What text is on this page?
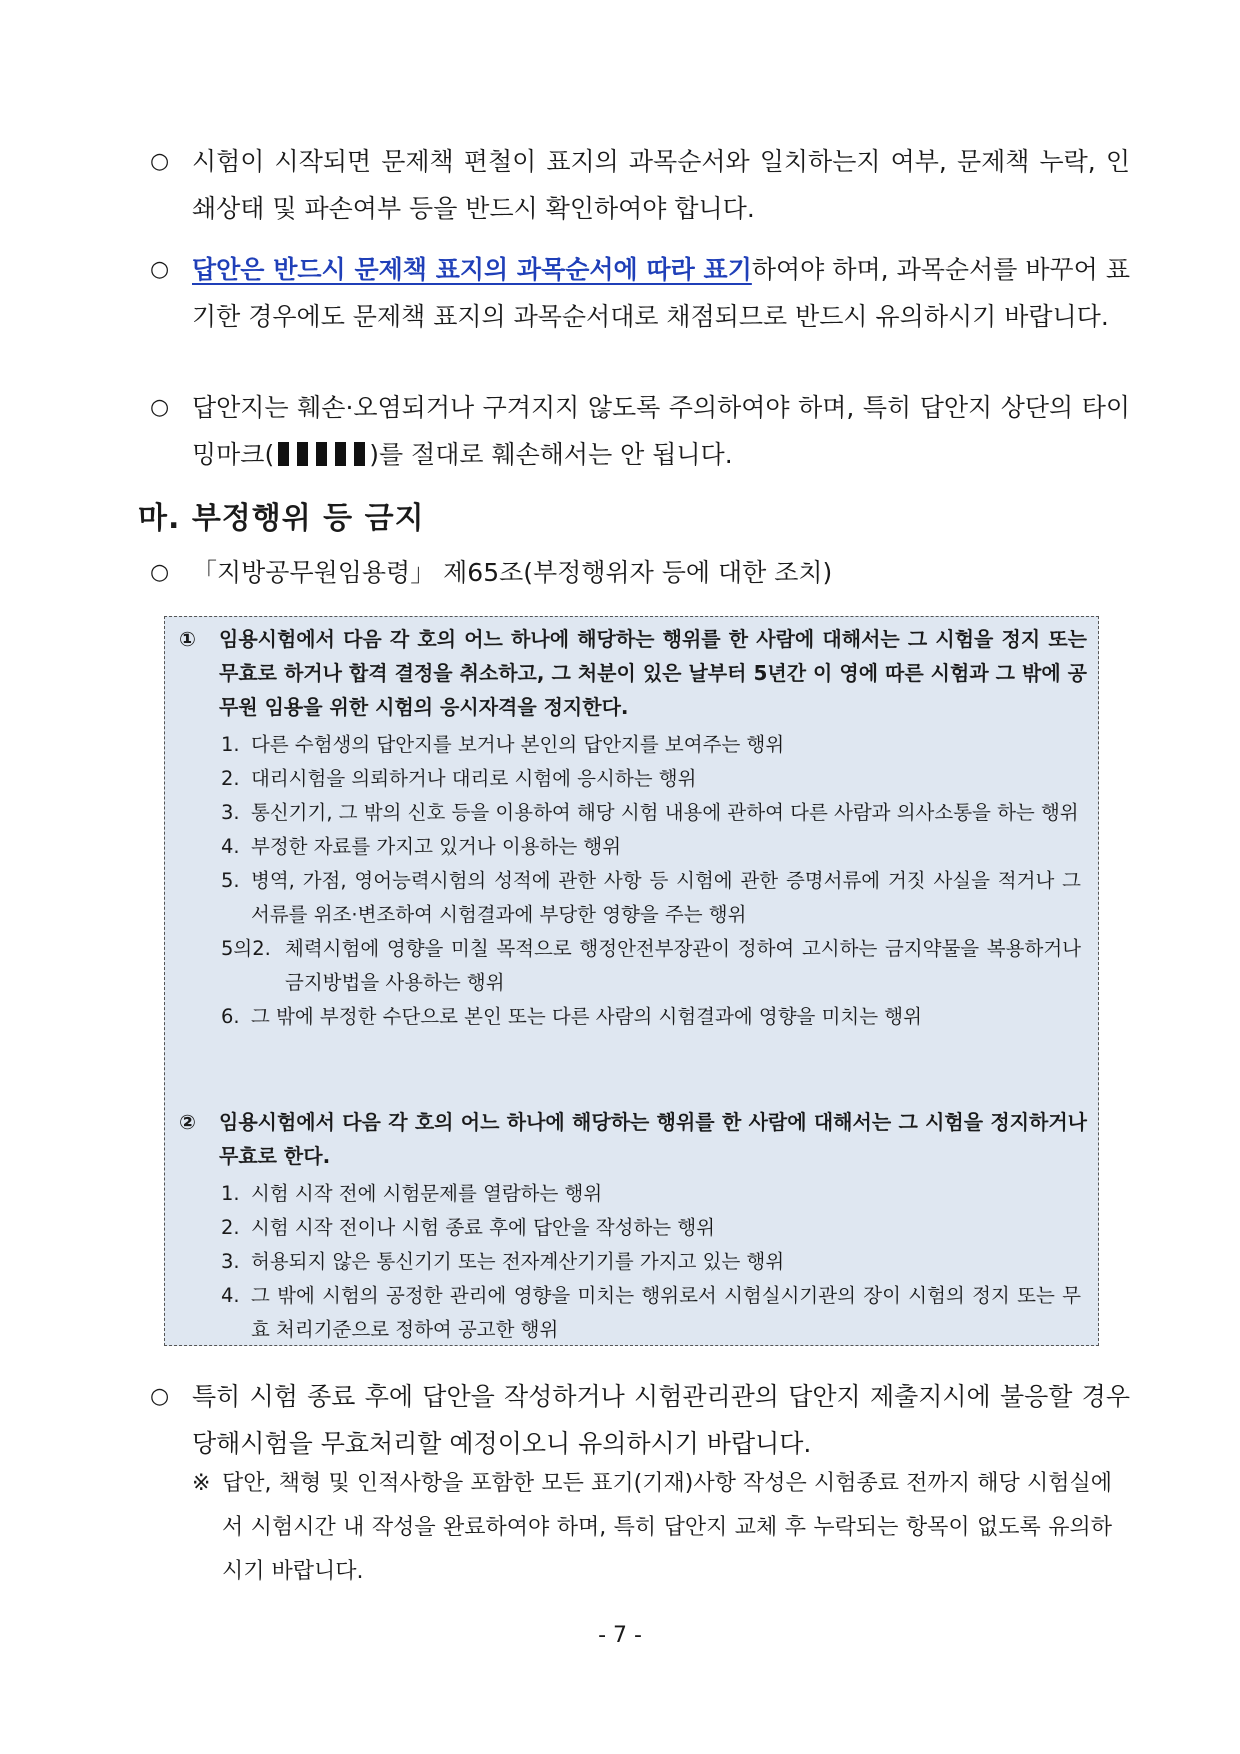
○ 시험이 시작되면 문제책 편철이 표지의 과목순서와 일치하는지 여부, 문제책 누락, 인쇄상태 및 파손여부 등을 반드시 확인하여야 합니다.
○ 답안은 반드시 문제책 표지의 과목순서에 따라 표기하여야 하며, 과목순서를 바꾸어 표기한 경우에도 문제책 표지의 과목순서대로 채점되므로 반드시 유의하시기 바랍니다.
○ 답안지는 훼손·오염되거나 구겨지지 않도록 주의하여야 하며, 특히 답안지 상단의 타이밍마크(	)를 절대로 훼손해서는 안 됩니다.
마. 부정행위 등 금지
○ 「지방공무원임용령」 제65조(부정행위자 등에 대한 조치)
① 임용시험에서 다음 각 호의 어느 하나에 해당하는 행위를 한 사람에 대해서는 그 시험을 정지 또는 무효로 하거나 합격 결정을 취소하고, 그 처분이 있은 날부터 5년간 이 영에 따른 시험과 그 밖에 공무원 임용을 위한 시험의 응시자격을 정지한다.
1. 다른 수험생의 답안지를 보거나 본인의 답안지를 보여주는 행위
2. 대리시험을 의뢰하거나 대리로 시험에 응시하는 행위
3. 통신기기, 그 밖의 신호 등을 이용하여 해당 시험 내용에 관하여 다른 사람과 의사소통을 하는 행위
4. 부정한 자료를 가지고 있거나 이용하는 행위
5. 병역, 가점, 영어능력시험의 성적에 관한 사항 등 시험에 관한 증명서류에 거짓 사실을 적거나 그 서류를 위조·변조하여 시험결과에 부당한 영향을 주는 행위
5의2. 체력시험에 영향을 미칠 목적으로 행정안전부장관이 정하여 고시하는 금지약물을 복용하거나 금지방법을 사용하는 행위
6. 그 밖에 부정한 수단으로 본인 또는 다른 사람의 시험결과에 영향을 미치는 행위
② 임용시험에서 다음 각 호의 어느 하나에 해당하는 행위를 한 사람에 대해서는 그 시험을 정지하거나 무효로 한다.
1. 시험 시작 전에 시험문제를 열람하는 행위
2. 시험 시작 전이나 시험 종료 후에 답안을 작성하는 행위
3. 허용되지 않은 통신기기 또는 전자계산기기를 가지고 있는 행위
4. 그 밖에 시험의 공정한 관리에 영향을 미치는 행위로서 시험실시기관의 장이 시험의 정지 또는 무효 처리기준으로 정하여 공고한 행위
○ 특히 시험 종료 후에 답안을 작성하거나 시험관리관의 답안지 제출지시에 불응할 경우 당해시험을 무효처리할 예정이오니 유의하시기 바랍니다.
※ 답안, 책형 및 인적사항을 포함한 모든 표기(기재)사항 작성은 시험종료 전까지 해당 시험실에서 시험시간 내 작성을 완료하여야 하며, 특히 답안지 교체 후 누락되는 항목이 없도록 유의하시기 바랍니다.
- 7 -
